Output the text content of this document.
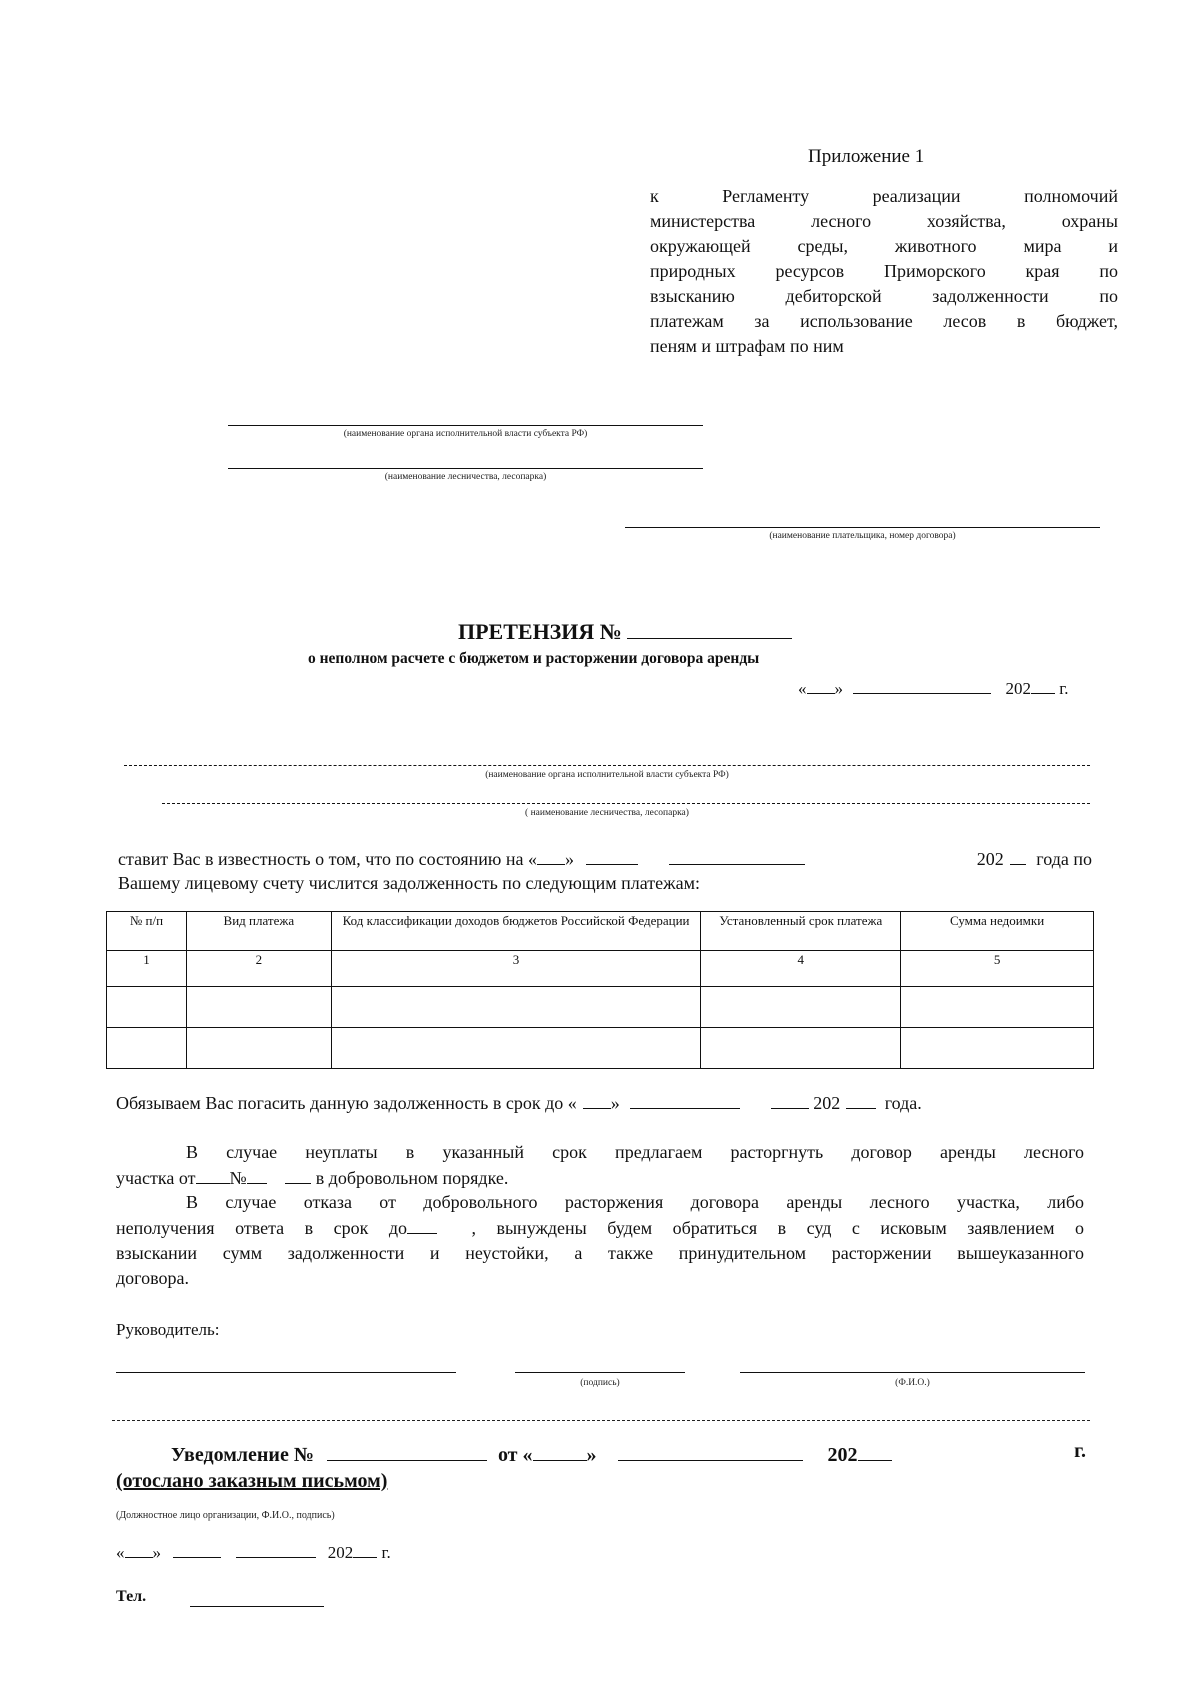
Приложение 1
к Регламенту реализации полномочий
министерства лесного хозяйства, охраны
окружающей среды, животного мира и
природных ресурсов Приморского края по
взысканию дебиторской задолженности по
платежам за использование лесов в бюджет,
пеням и штрафам по ним
(наименование органа исполнительной власти субъекта РФ)
(наименование лесничества, лесопарка)
(наименование плательщика, номер договора)
ПРЕТЕНЗИЯ №
о неполном расчете с бюджетом и расторжении договора аренды
« »	202 г.
(наименование органа исполнительной власти субъекта РФ)
( наименование лесничества, лесопарка)
ставит Вас в известность о том, что по состоянию на « »	202 года по
Вашему лицевому счету числится задолженность по следующим платежам:
№ п/п	Вид платежа	Код классификации доходов бюджетов Российской Федерации	Установленный срок платежа	Сумма недоимки
1	2	3	4	5

Обязываем Вас погасить данную задолженность в срок до « »	202 года.
В случае неуплаты в указанный срок предлагаем расторгнуть договор аренды лесного
участка от №	в добровольном порядке.
В случае отказа от добровольного расторжения договора аренды лесного участка, либо
неполучения ответа в срок до	, вынуждены будем обратиться в суд с исковым заявлением о
взыскании сумм задолженности и неустойки, а также принудительном расторжении вышеуказанного
договора.
Руководитель:
(подпись)	(Ф.И.О.)
Уведомление №	от «	»	202	г.
(отослано заказным письмом)
(Должностное лицо организации, Ф.И.О., подпись)
« »	202 г.
Тел.
